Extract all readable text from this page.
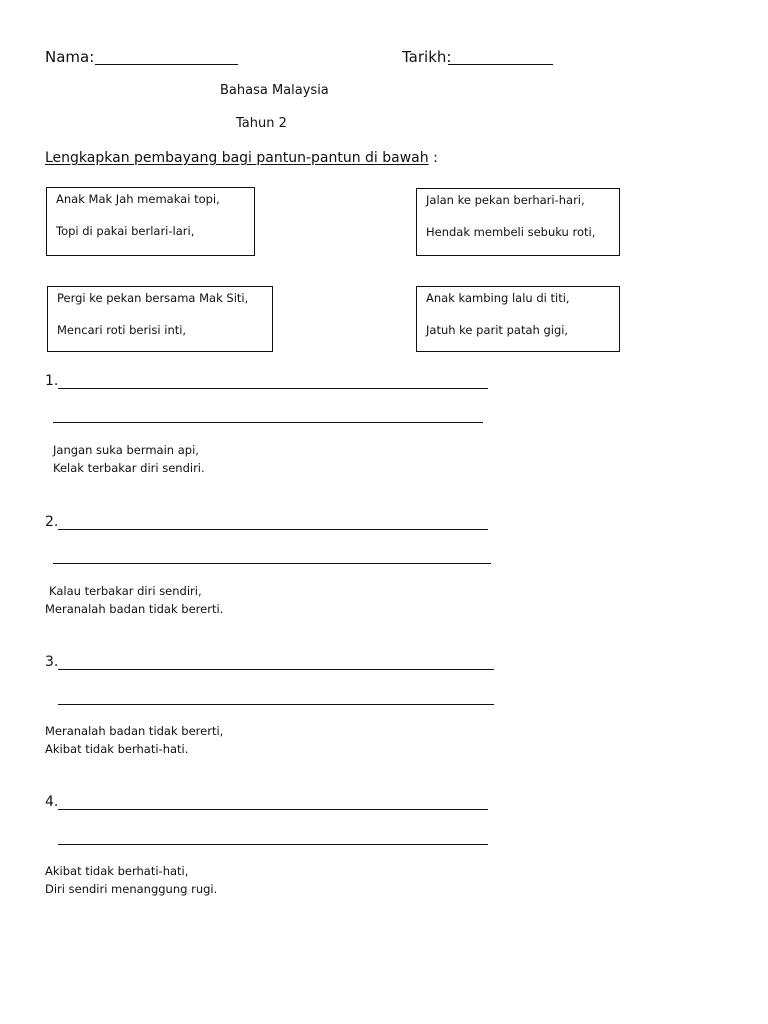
Nama:	Tarikh:
Bahasa Malaysia
Tahun 2
Lengkapkan pembayang bagi pantun-pantun di bawah :
Anak Mak Jah memakai topi,
Topi di pakai berlari-lari,
Jalan ke pekan berhari-hari,
Hendak membeli sebuku roti,
Pergi ke pekan bersama Mak Siti,
Mencari roti berisi inti,
Anak kambing lalu di titi,
Jatuh ke parit patah gigi,
1.
Jangan suka bermain api,
Kelak terbakar diri sendiri.
2.
Kalau terbakar diri sendiri,
Meranalah badan tidak bererti.
3.
Meranalah badan tidak bererti,
Akibat tidak berhati-hati.
4.
Akibat tidak berhati-hati,
Diri sendiri menanggung rugi.
